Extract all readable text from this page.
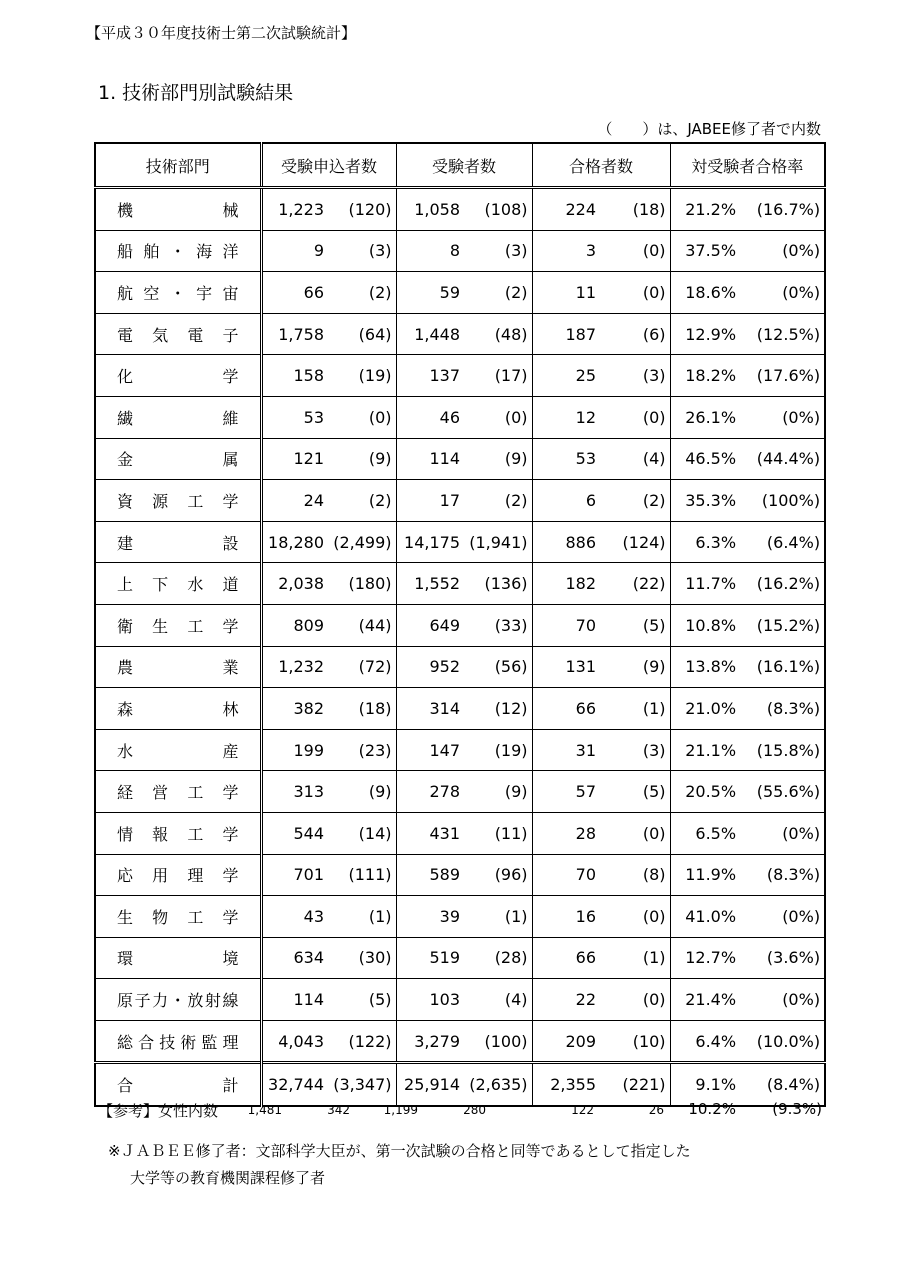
【平成３０年度技術士第二次試験統計】
1. 技術部門別試験結果
（　　）は、JABEE修了者で内数
技術部門	受験申込者数		受験者数		合格者数		対受験者合格率	

機械	1,223	(120)	1,058	(108)	224	(18)	21.2%	(16.7%)

船舶・海洋	9	(3)	8	(3)	3	(0)	37.5%	(0%)

航空・宇宙	66	(2)	59	(2)	11	(0)	18.6%	(0%)

電気電子	1,758	(64)	1,448	(48)	187	(6)	12.9%	(12.5%)

化学	158	(19)	137	(17)	25	(3)	18.2%	(17.6%)

繊維	53	(0)	46	(0)	12	(0)	26.1%	(0%)

金属	121	(9)	114	(9)	53	(4)	46.5%	(44.4%)

資源工学	24	(2)	17	(2)	6	(2)	35.3%	(100%)

建設	18,280	(2,499)	14,175	(1,941)	886	(124)	6.3%	(6.4%)

上下水道	2,038	(180)	1,552	(136)	182	(22)	11.7%	(16.2%)

衛生工学	809	(44)	649	(33)	70	(5)	10.8%	(15.2%)

農業	1,232	(72)	952	(56)	131	(9)	13.8%	(16.1%)

森林	382	(18)	314	(12)	66	(1)	21.0%	(8.3%)

水産	199	(23)	147	(19)	31	(3)	21.1%	(15.8%)

経営工学	313	(9)	278	(9)	57	(5)	20.5%	(55.6%)

情報工学	544	(14)	431	(11)	28	(0)	6.5%	(0%)

応用理学	701	(111)	589	(96)	70	(8)	11.9%	(8.3%)

生物工学	43	(1)	39	(1)	16	(0)	41.0%	(0%)

環境	634	(30)	519	(28)	66	(1)	12.7%	(3.6%)

原子力・放射線	114	(5)	103	(4)	22	(0)	21.4%	(0%)

総合技術監理	4,043	(122)	3,279	(100)	209	(10)	6.4%	(10.0%)

合計	32,744	(3,347)	25,914	(2,635)	2,355	(221)	9.1%	(8.4%)
【参考】女性内数 1,481	342	1,199	280	122	26 10.2% (9.3%)
※ＪＡＢＥＥ修了者：文部科学大臣が、第一次試験の合格と同等であるとして指定した
大学等の教育機関課程修了者
